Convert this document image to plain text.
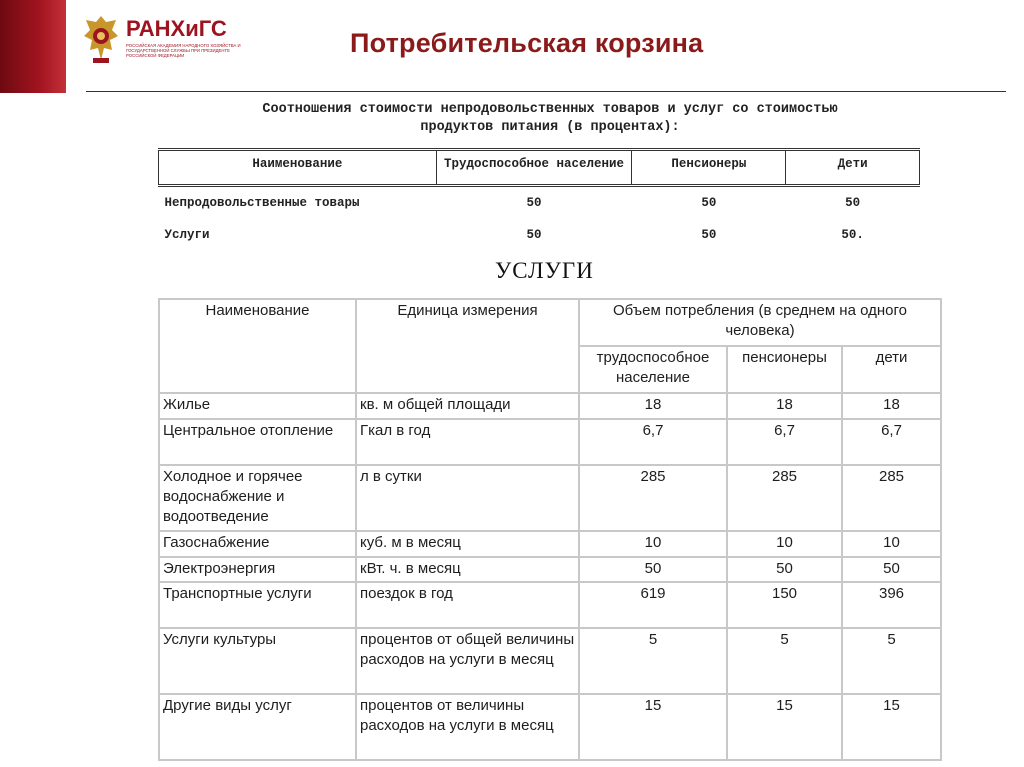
РАНХиГС
РОССИЙСКАЯ АКАДЕМИЯ НАРОДНОГО ХОЗЯЙСТВА И ГОСУДАРСТВЕННОЙ СЛУЖБЫ ПРИ ПРЕЗИДЕНТЕ РОССИЙСКОЙ ФЕДЕРАЦИИ	Потребительская корзина
Соотношения стоимости непродовольственных товаров и услуг со стоимостью
продуктов питания (в процентах):
Наименование	Трудоспособное население	Пенсионеры	Дети
Непродовольственные товары	50	50	50
Услуги	50	50	50.
УСЛУГИ
Наименование	Единица измерения	Объем потребления (в среднем на одного человека)		
		трудоспособное население	пенсионеры	дети
Жилье	кв. м общей площади	18	18	18
Центральное отопление	Гкал в год	6,7	6,7	6,7
Холодное и горячее водоснабжение и водоотведение	л в сутки	285	285	285
Газоснабжение	куб. м в месяц	10	10	10
Электроэнергия	кВт. ч. в месяц	50	50	50
Транспортные услуги	поездок в год	619	150	396
Услуги культуры	процентов от общей величины расходов на услуги в месяц	5	5	5
Другие виды услуг	процентов от величины расходов на услуги в месяц	15	15	15
